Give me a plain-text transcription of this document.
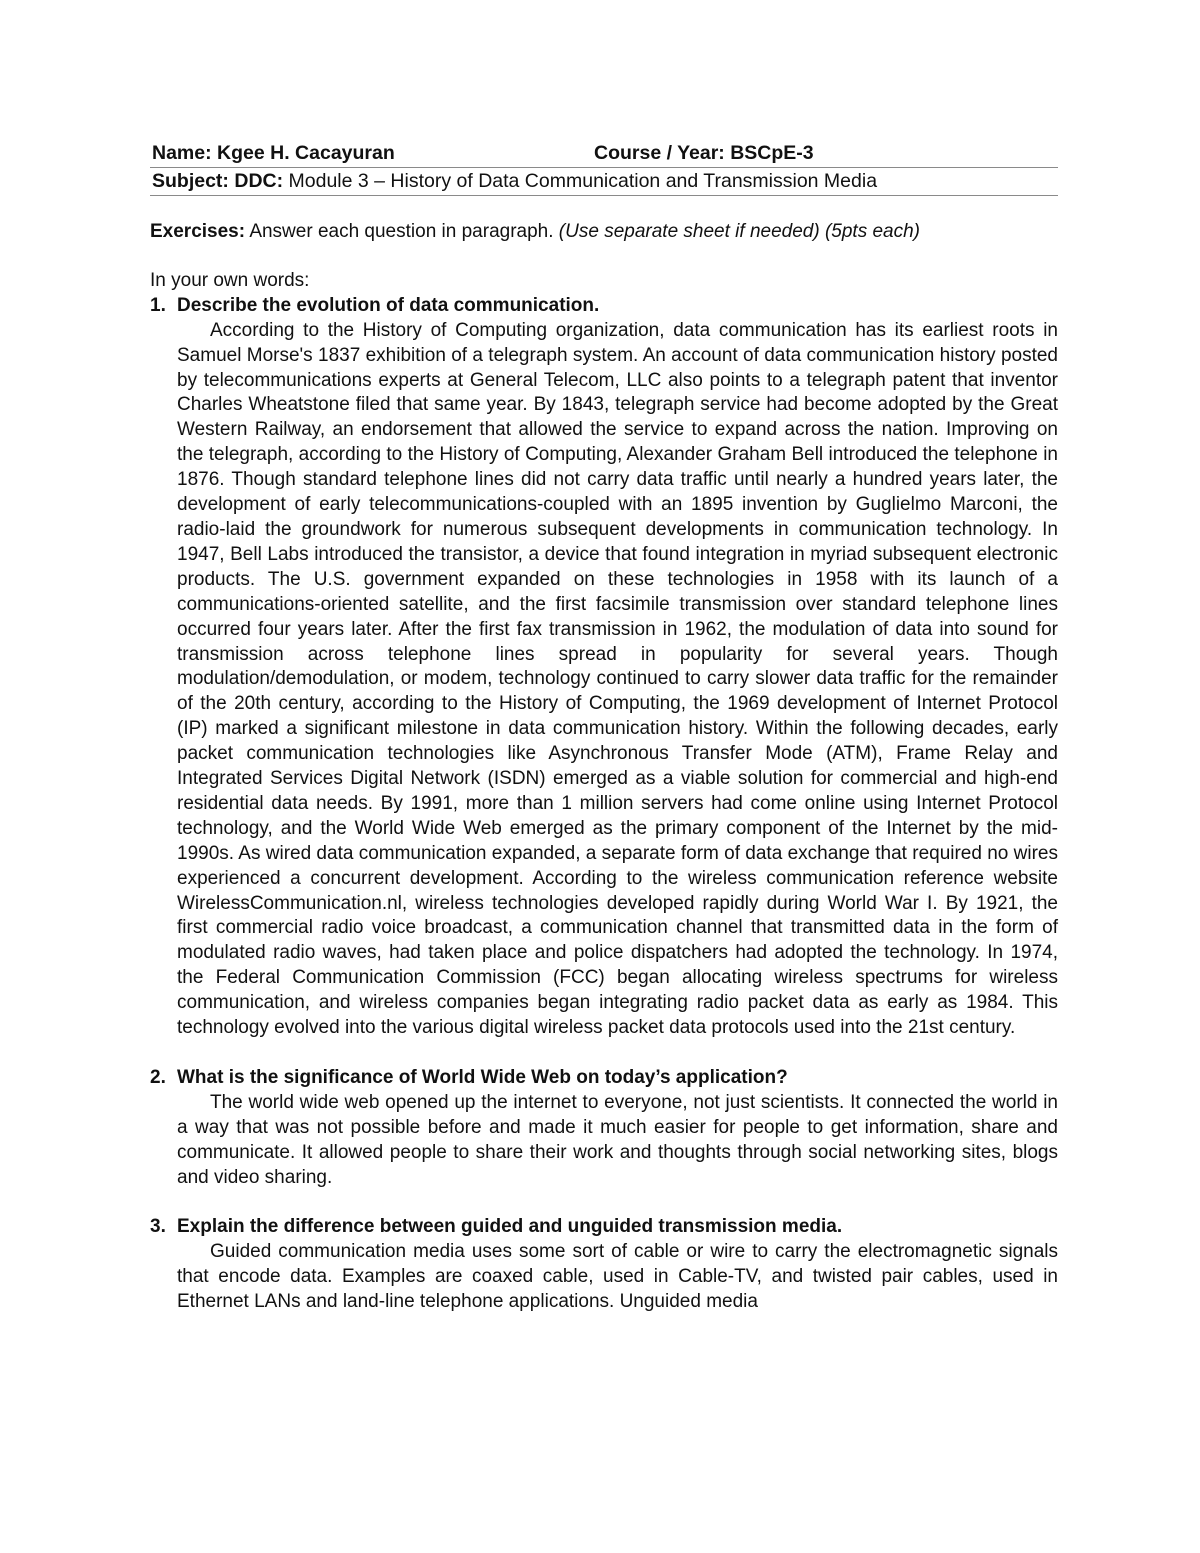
Name: Kgee H. Cacayuran	Course / Year: BSCpE-3
Subject: DDC: Module 3 – History of Data Communication and Transmission Media
Exercises: Answer each question in paragraph. (Use separate sheet if needed) (5pts each)
In your own words:
1. Describe the evolution of data communication.
According to the History of Computing organization, data communication has its earliest roots in Samuel Morse's 1837 exhibition of a telegraph system. An account of data communication history posted by telecommunications experts at General Telecom, LLC also points to a telegraph patent that inventor Charles Wheatstone filed that same year. By 1843, telegraph service had become adopted by the Great Western Railway, an endorsement that allowed the service to expand across the nation. Improving on the telegraph, according to the History of Computing, Alexander Graham Bell introduced the telephone in 1876. Though standard telephone lines did not carry data traffic until nearly a hundred years later, the development of early telecommunications-coupled with an 1895 invention by Guglielmo Marconi, the radio-laid the groundwork for numerous subsequent developments in communication technology. In 1947, Bell Labs introduced the transistor, a device that found integration in myriad subsequent electronic products. The U.S. government expanded on these technologies in 1958 with its launch of a communications-oriented satellite, and the first facsimile transmission over standard telephone lines occurred four years later. After the first fax transmission in 1962, the modulation of data into sound for transmission across telephone lines spread in popularity for several years. Though modulation/demodulation, or modem, technology continued to carry slower data traffic for the remainder of the 20th century, according to the History of Computing, the 1969 development of Internet Protocol (IP) marked a significant milestone in data communication history. Within the following decades, early packet communication technologies like Asynchronous Transfer Mode (ATM), Frame Relay and Integrated Services Digital Network (ISDN) emerged as a viable solution for commercial and high-end residential data needs. By 1991, more than 1 million servers had come online using Internet Protocol technology, and the World Wide Web emerged as the primary component of the Internet by the mid-1990s. As wired data communication expanded, a separate form of data exchange that required no wires experienced a concurrent development. According to the wireless communication reference website WirelessCommunication.nl, wireless technologies developed rapidly during World War I. By 1921, the first commercial radio voice broadcast, a communication channel that transmitted data in the form of modulated radio waves, had taken place and police dispatchers had adopted the technology. In 1974, the Federal Communication Commission (FCC) began allocating wireless spectrums for wireless communication, and wireless companies began integrating radio packet data as early as 1984. This technology evolved into the various digital wireless packet data protocols used into the 21st century.
2. What is the significance of World Wide Web on today’s application?
The world wide web opened up the internet to everyone, not just scientists. It connected the world in a way that was not possible before and made it much easier for people to get information, share and communicate. It allowed people to share their work and thoughts through social networking sites, blogs and video sharing.
3. Explain the difference between guided and unguided transmission media.
Guided communication media uses some sort of cable or wire to carry the electromagnetic signals that encode data. Examples are coaxed cable, used in Cable-TV, and twisted pair cables, used in Ethernet LANs and land-line telephone applications. Unguided media
